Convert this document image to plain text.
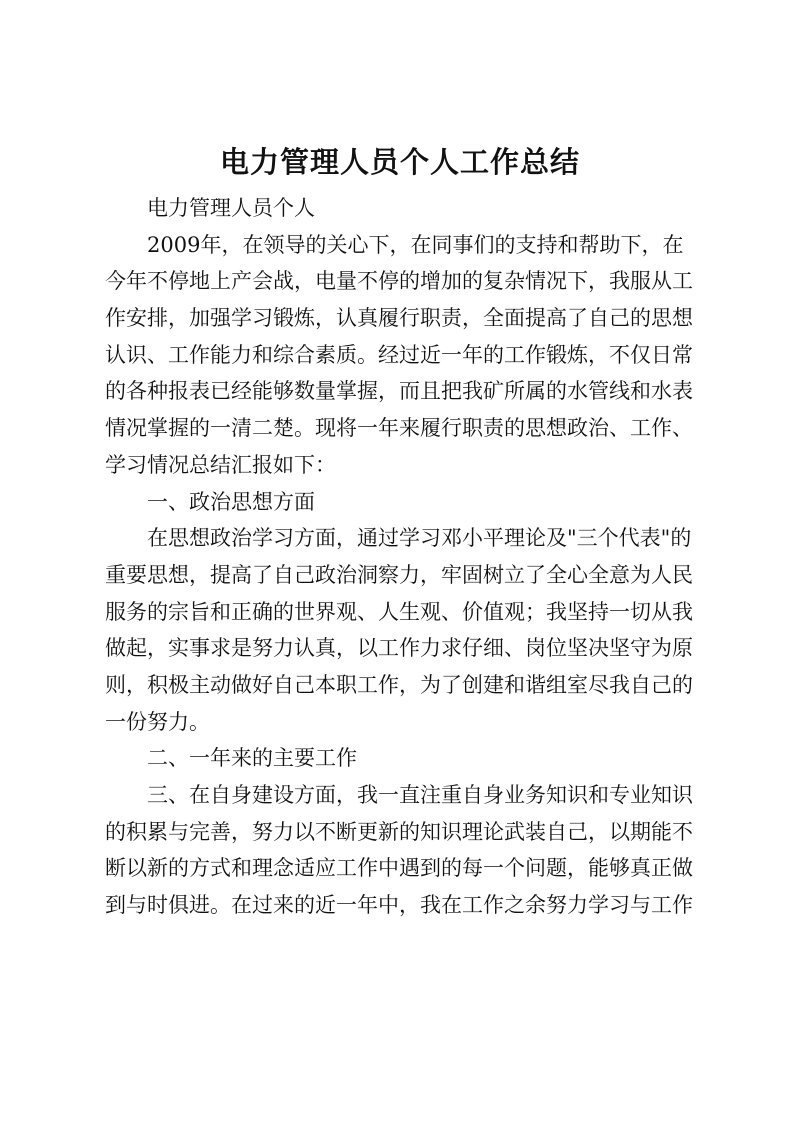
电力管理人员个人工作总结
电力管理人员个人
2009年，在领导的关心下，在同事们的支持和帮助下，在
今年不停地上产会战，电量不停的增加的复杂情况下，我服从工
作安排，加强学习锻炼，认真履行职责，全面提高了自己的思想
认识、工作能力和综合素质。经过近一年的工作锻炼，不仅日常
的各种报表已经能够数量掌握，而且把我矿所属的水管线和水表
情况掌握的一清二楚。现将一年来履行职责的思想政治、工作、
学习情况总结汇报如下：
一、政治思想方面
在思想政治学习方面，通过学习邓小平理论及"三个代表"的
重要思想，提高了自己政治洞察力，牢固树立了全心全意为人民
服务的宗旨和正确的世界观、人生观、价值观；我坚持一切从我
做起，实事求是努力认真，以工作力求仔细、岗位坚决坚守为原
则，积极主动做好自己本职工作，为了创建和谐组室尽我自己的
一份努力。
二、一年来的主要工作
三、在自身建设方面，我一直注重自身业务知识和专业知识
的积累与完善，努力以不断更新的知识理论武装自己，以期能不
断以新的方式和理念适应工作中遇到的每一个问题，能够真正做
到与时俱进。在过来的近一年中，我在工作之余努力学习与工作
